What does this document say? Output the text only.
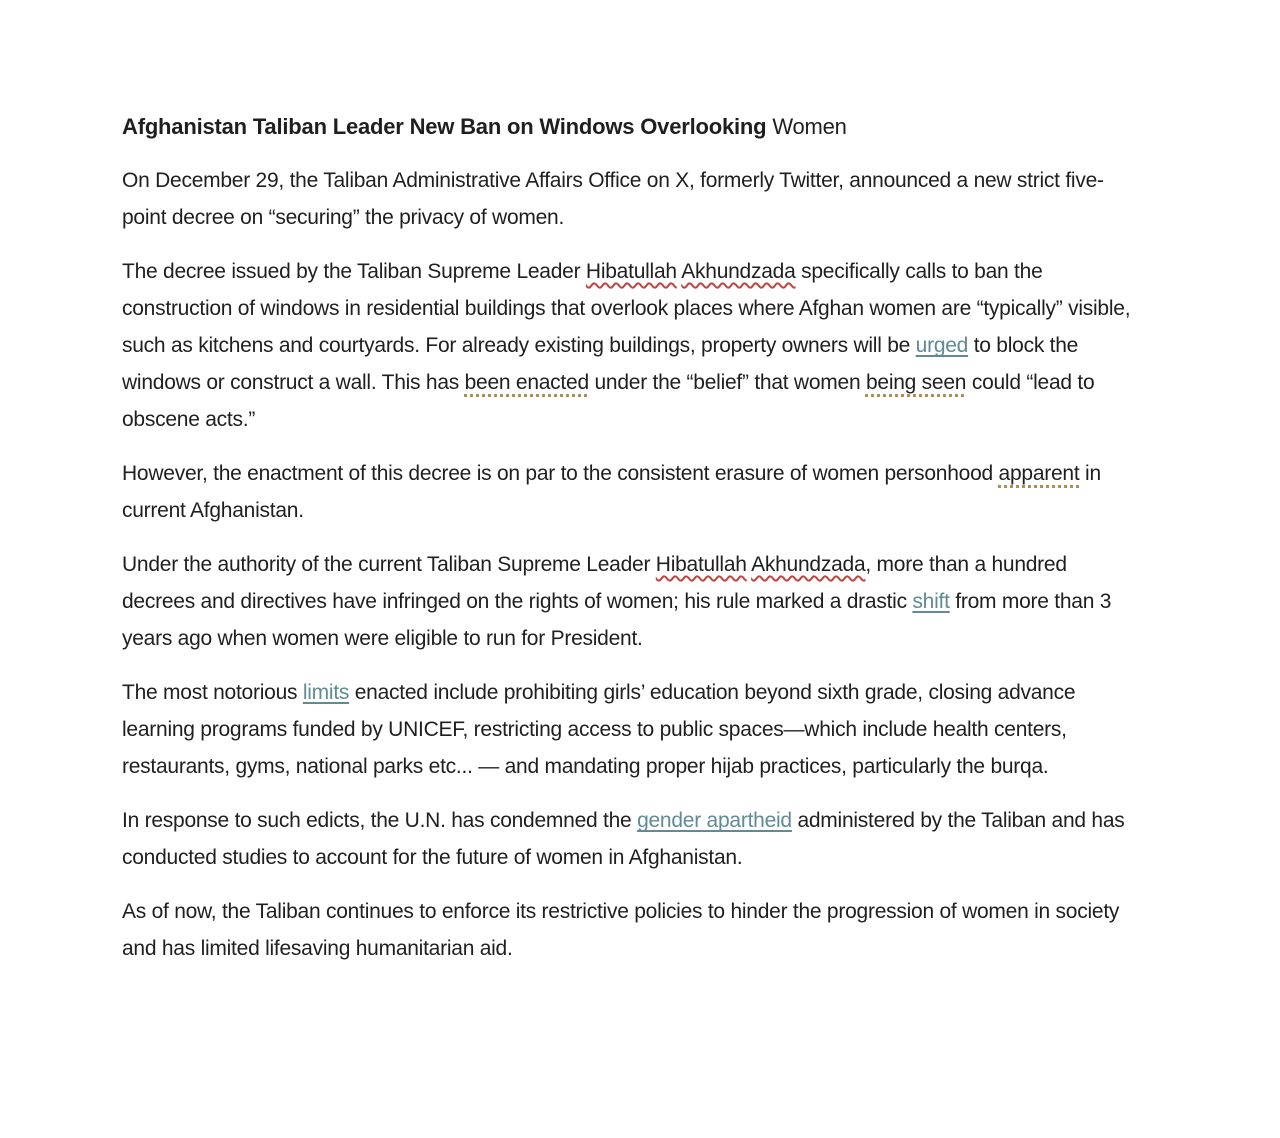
Afghanistan Taliban Leader New Ban on Windows Overlooking Women

On December 29, the Taliban Administrative Affairs Office on X, formerly Twitter, announced a new strict five-point decree on “securing” the privacy of women.

The decree issued by the Taliban Supreme Leader Hibatullah Akhundzada specifically calls to ban the construction of windows in residential buildings that overlook places where Afghan women are “typically” visible, such as kitchens and courtyards. For already existing buildings, property owners will be urged to block the windows or construct a wall. This has been enacted under the “belief” that women being seen could “lead to obscene acts.”

However, the enactment of this decree is on par to the consistent erasure of women personhood apparent in current Afghanistan.

Under the authority of the current Taliban Supreme Leader Hibatullah Akhundzada, more than a hundred decrees and directives have infringed on the rights of women; his rule marked a drastic shift from more than 3 years ago when women were eligible to run for President.

The most notorious limits enacted include prohibiting girls’ education beyond sixth grade, closing advance learning programs funded by UNICEF, restricting access to public spaces—which include health centers, restaurants, gyms, national parks etc... — and mandating proper hijab practices, particularly the burqa.

In response to such edicts, the U.N. has condemned the gender apartheid administered by the Taliban and has conducted studies to account for the future of women in Afghanistan.

As of now, the Taliban continues to enforce its restrictive policies to hinder the progression of women in society and has limited lifesaving humanitarian aid.
